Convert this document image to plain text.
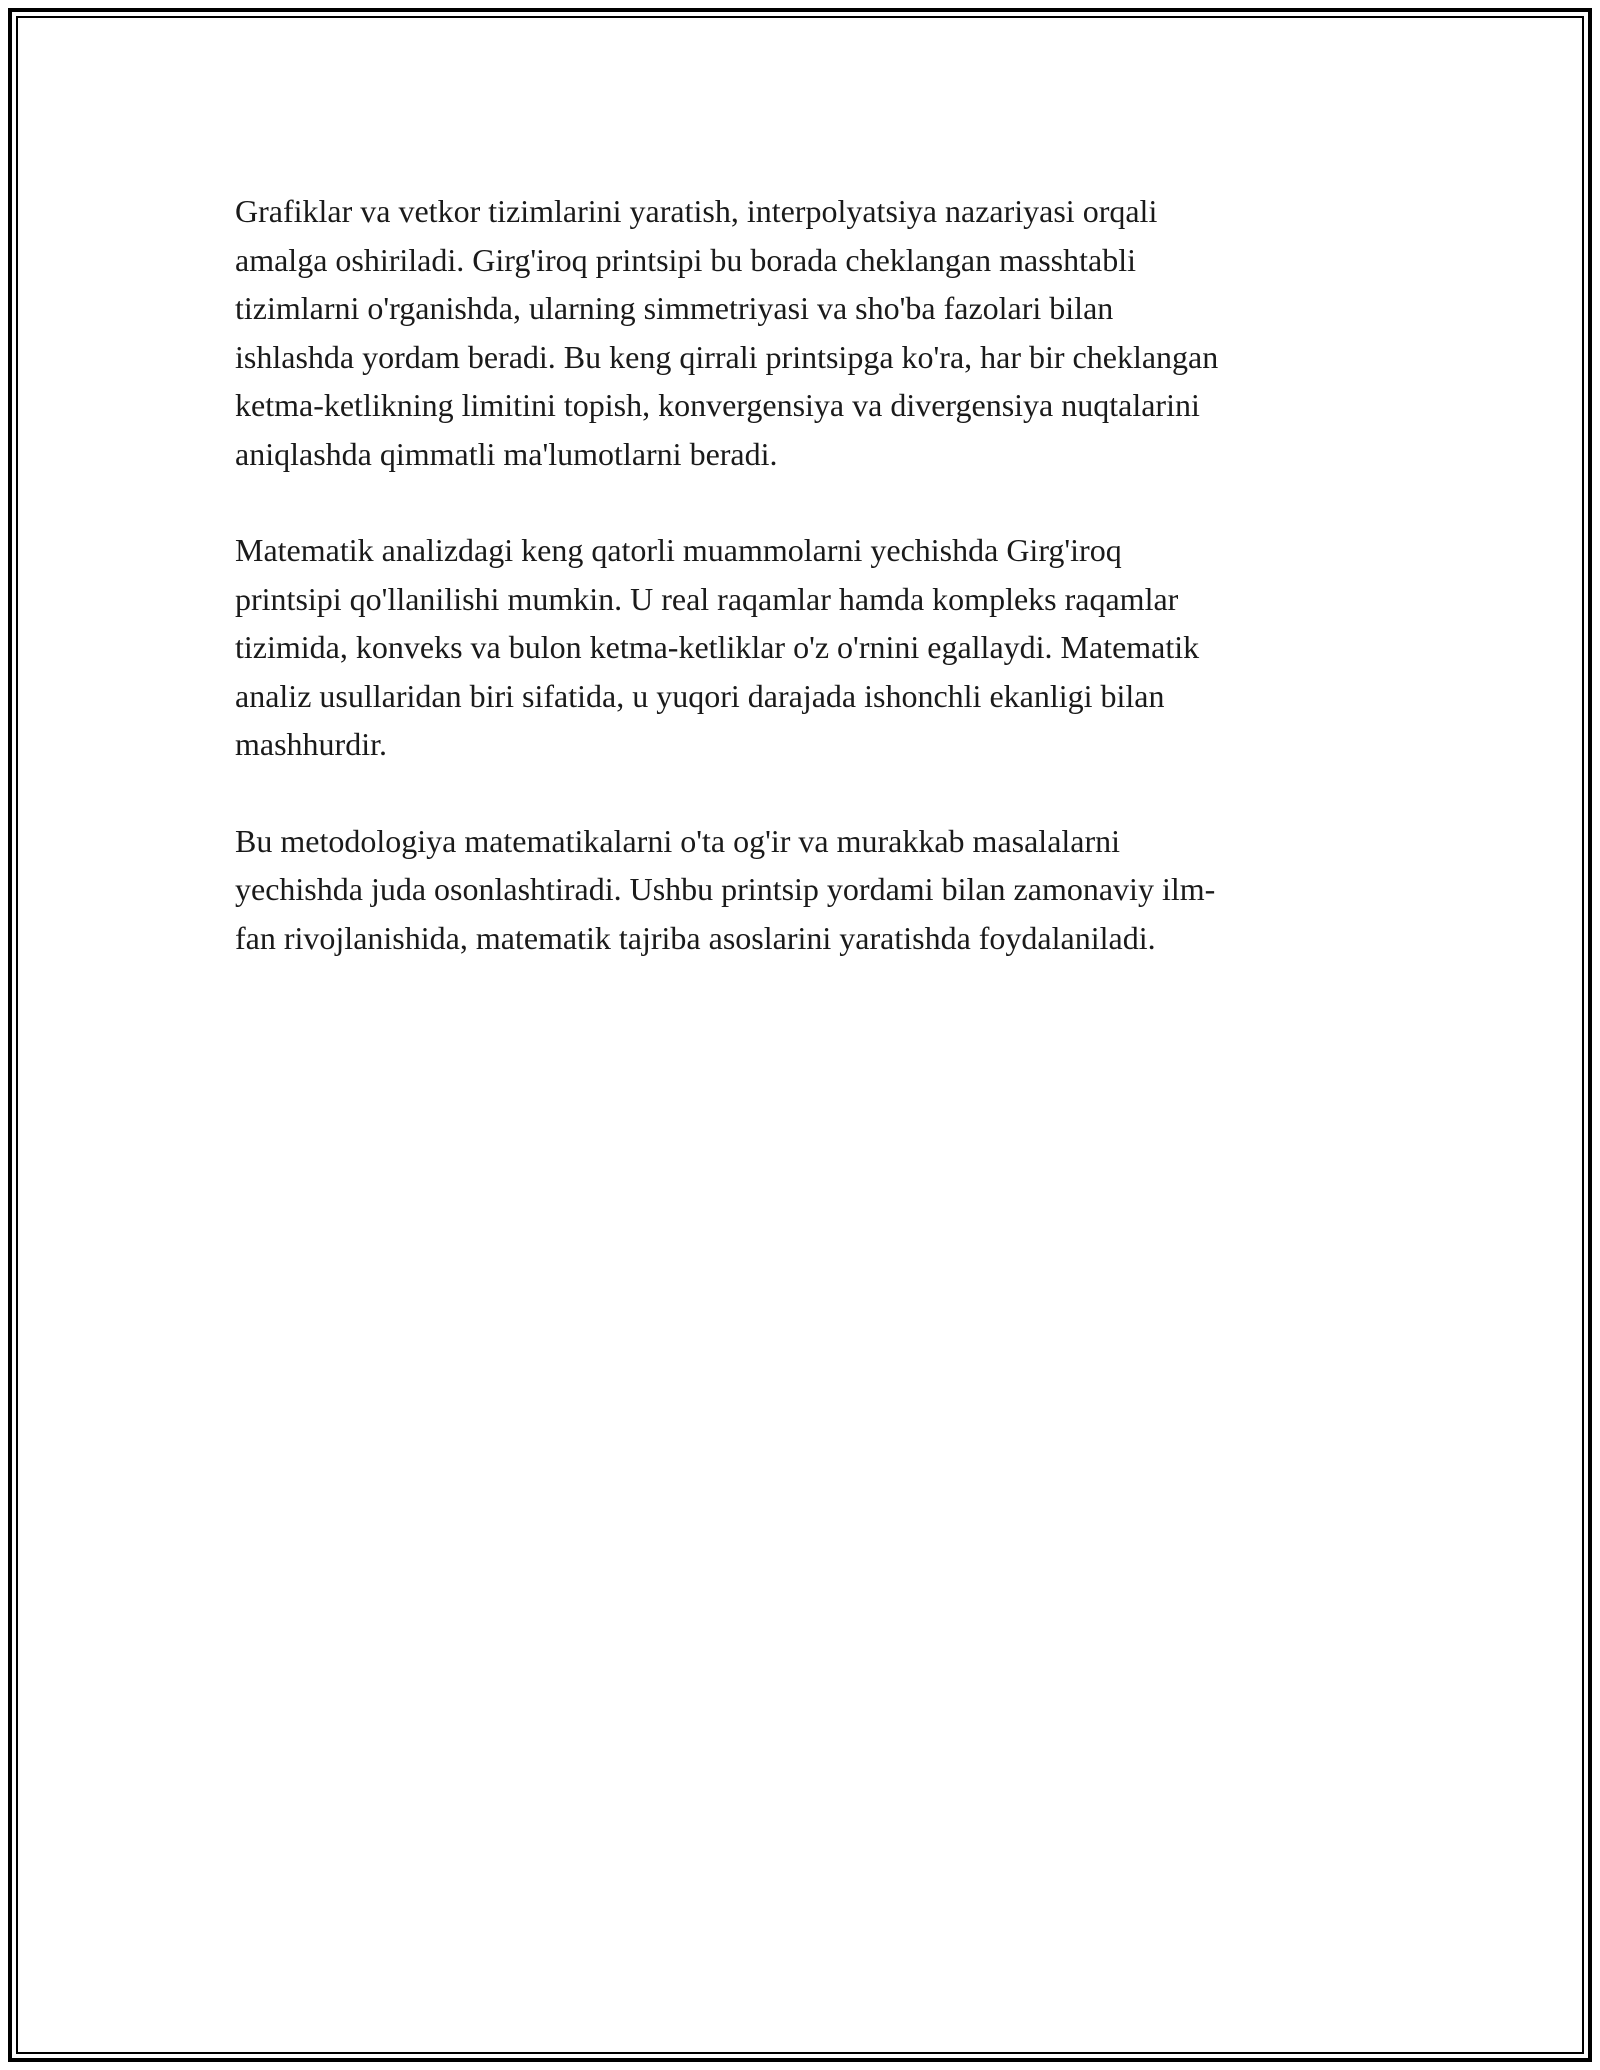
Grafiklar va vetkor tizimlarini yaratish, interpolyatsiya nazariyasi orqali
amalga oshiriladi. Girg'iroq printsipi bu borada cheklangan masshtabli
tizimlarni o'rganishda, ularning simmetriyasi va sho'ba fazolari bilan
ishlashda yordam beradi. Bu keng qirrali printsipga ko'ra, har bir cheklangan
ketma-ketlikning limitini topish, konvergensiya va divergensiya nuqtalarini
aniqlashda qimmatli ma'lumotlarni beradi.

Matematik analizdagi keng qatorli muammolarni yechishda Girg'iroq
printsipi qo'llanilishi mumkin. U real raqamlar hamda kompleks raqamlar
tizimida, konveks va bulon ketma-ketliklar o'z o'rnini egallaydi. Matematik
analiz usullaridan biri sifatida, u yuqori darajada ishonchli ekanligi bilan
mashhurdir.

Bu metodologiya matematikalarni o'ta og'ir va murakkab masalalarni
yechishda juda osonlashtiradi. Ushbu printsip yordami bilan zamonaviy ilm-
fan rivojlanishida, matematik tajriba asoslarini yaratishda foydalaniladi.
